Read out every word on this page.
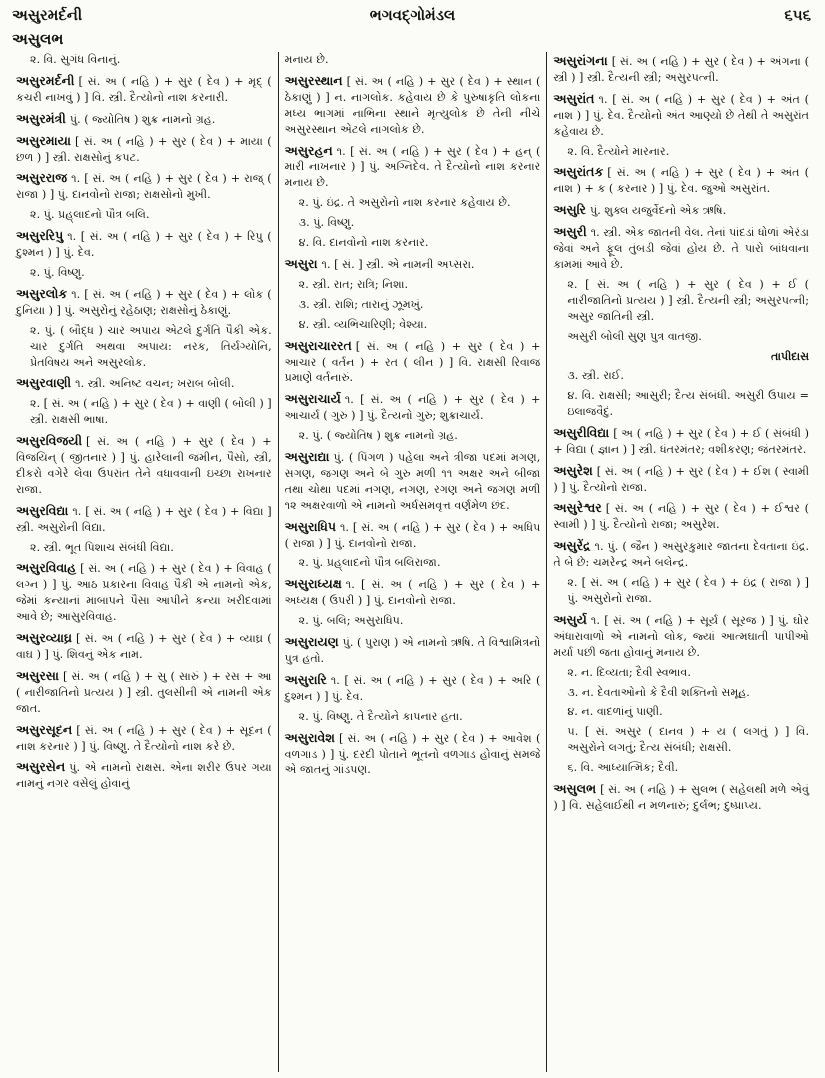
અસુરમર્દની	ભગવદ્‌ગોમંડલ	૬૫૬
અસુલભ

૨. વિ. સુગંધ વિનાનું.

અસુરમર્દની [ સં. અ ( નહિ ) + સુર ( દેવ ) + મૃદ્ ( કચરી નાખવું ) ] વિ. સ્ત્રી. દૈત્યોનો નાશ કરનારી.

અસુરમંત્રી પું. ( જ્યોતિષ ) શુક્ર નામનો ગ્રહ.

અસુરમાયા [ સં. અ ( નહિ ) + સુર ( દેવ ) + માયા ( છળ ) ] સ્ત્રી. રાક્ષસોનું કપટ.

અસુરરાજ ૧. [ સં. અ ( નહિ ) + સુર ( દેવ ) + રાજ્ ( રાજા ) ] પું. દાનવોનો રાજા; રાક્ષસોનો મુખી.

૨. પું. પ્રહ્‌લાદનો પૌત્ર બલિ.

અસુરરિપુ ૧. [ સં. અ ( નહિ ) + સુર ( દેવ ) + રિપુ ( દુશ્મન ) ] પું. દેવ.

૨. પું. વિષ્ણુ.

અસુરલોક ૧. [ સં. અ ( નહિ ) + સુર ( દેવ ) + લોક ( દુનિયા ) ] પું. અસુરોનું રહેઠાણ; રાક્ષસોનું ઠેકાણું.

૨. પું. ( બૌદ્ધ ) ચાર અપાય એટલે દુર્ગતિ પૈકી એક. ચાર દુર્ગતિ અથવા અપાય: નરક, તિર્યગ્યોનિ, પ્રેતવિષય અને અસુરલોક.

અસુરવાણી ૧. સ્ત્રી. અનિષ્ટ વચન; ખરાબ બોલી.

૨. [ સં. અ ( નહિ ) + સુર ( દેવ ) + વાણી ( બોલી ) ] સ્ત્રી. રાક્ષસી ભાષા.

અસુરવિજયી [ સં. અ ( નહિ ) + સુર ( દેવ ) + વિજયિન્ ( જીતનાર ) ] પું. હારેલાની જમીન, પૈસો, સ્ત્રી, દીકરો વગેરે લેવા ઉપરાંત તેને વધાવવાની ઇચ્છા રાખનાર રાજા.

અસુરવિદ્યા ૧. [ સં. અ ( નહિ ) + સુર ( દેવ ) + વિદ્યા ] સ્ત્રી. અસુરોની વિદ્યા.

૨. સ્ત્રી. ભૂત પિશાચ સંબંધી વિદ્યા.

અસુરવિવાહ [ સં. અ ( નહિ ) + સુર ( દેવ ) + વિવાહ ( લગ્ન ) ] પું. આઠ પ્રકારના વિવાહ પૈકી એ નામનો એક, જેમાં કન્યાનાં માબાપને પૈસા આપીને કન્યા ખરીદવામાં આવે છે; આસુરવિવાહ.

અસુરવ્યાઘ્ર [ સં. અ ( નહિ ) + સુર ( દેવ ) + વ્યાઘ્ર ( વાઘ ) ] પું. શિવનું એક નામ.

અસુરસા [ સં. અ ( નહિ ) + સુ ( સારું ) + રસ + આ ( નારીજાતિનો પ્રત્યય ) ] સ્ત્રી. તુલસીની એ નામની એક જાત.

અસુરસૂદન [ સં. અ ( નહિ ) + સુર ( દેવ ) + સૂદન ( નાશ કરનાર ) ] પું. વિષ્ણુ. તે દૈત્યોનો નાશ કરે છે.

અસુરસેન પું. એ નામનો રાક્ષસ. એના શરીર ઉપર ગયા નામનું નગર વસેલું હોવાનું

મનાય છે.

અસુરસ્થાન [ સં. અ ( નહિ ) + સુર ( દેવ ) + સ્થાન ( ઠેકાણું ) ] ન. નાગલોક. કહેવાય છે કે પુરુષાકૃતિ લોકના મધ્ય ભાગમાં નાભિના સ્થાને મૃત્યુલોક છે તેની નીચે અસુરસ્થાન એટલે નાગલોક છે.

અસુરહન ૧. [ સં. અ ( નહિ ) + સુર ( દેવ ) + હન્ ( મારી નાખનાર ) ] પું. અગ્નિદેવ. તે દૈત્યોનો નાશ કરનાર મનાય છે.

૨. પું. ઇંદ્ર. તે અસુરોનો નાશ કરનાર કહેવાય છે.

૩. પું. વિષ્ણુ.

૪. વિ. દાનવોનો નાશ કરનાર.

અસુરા ૧. [ સં. ] સ્ત્રી. એ નામની અપ્સરા.

૨. સ્ત્રી. રાત; રાત્રિ; નિશા.

૩. સ્ત્રી. રાશિ; તારાનું ઝૂમખું.

૪. સ્ત્રી. વ્યભિચારિણી; વેશ્યા.

અસુરાચારરત [ સં. અ ( નહિ ) + સુર ( દેવ ) + આચાર ( વર્તન ) + રત ( લીન ) ] વિ. રાક્ષસી રિવાજ પ્રમાણે વર્તનારું.

અસુરાચાર્ય ૧. [ સં. અ ( નહિ ) + સુર ( દેવ ) + આચાર્ય ( ગુરુ ) ] પું. દૈત્યનો ગુરુ; શુક્રાચાર્ય.

૨. પું. ( જ્યોતિષ ) શુક્ર નામનો ગ્રહ.

અસુરાદ્યા પું. ( પિંગળ ) પહેલા અને ત્રીજા પદમાં મગણ, સગણ, જગણ અને બે ગુરુ મળી ૧૧ અક્ષર અને બીજા તથા ચોથા પદમાં નગણ, નગણ, રગણ અને જગણ મળી ૧૨ અક્ષરવાળો એ નામનો અર્ધસમવૃત્ત વર્ણમેળ છંદ.

અસુરાધિપ ૧. [ સં. અ ( નહિ ) + સુર ( દેવ ) + અધિપ ( રાજા ) ] પું. દાનવોનો રાજા.

૨. પું. પ્રહ્‌લાદનો પૌત્ર બલિરાજા.

અસુરાધ્યક્ષ ૧. [ સં. અ ( નહિ ) + સુર ( દેવ ) + અધ્યક્ષ ( ઉપરી ) ] પું. દાનવોનો રાજા.

૨. પું. બલિ; અસુરાધિપ.

અસુરાયણ પું. ( પુરાણ ) એ નામનો ઋષિ. તે વિશ્વામિત્રનો પુત્ર હતો.

અસુરારિ ૧. [ સં. અ ( નહિ ) + સુર ( દેવ ) + અરિ ( દુશ્મન ) ] પું. દેવ.

૨. પું. વિષ્ણુ. તે દૈત્યોને કાપનાર હતા.

અસુરાવેશ [ સં. અ ( નહિ ) + સુર ( દેવ ) + આવેશ ( વળગાડ ) ] પું. દરદી પોતાને ભૂતનો વળગાડ હોવાનું સમજે એ જાતનું ગાંડપણ.

અસુરાંગના [ સં. અ ( નહિ ) + સુર ( દેવ ) + અંગના ( સ્ત્રી ) ] સ્ત્રી. દૈત્યની સ્ત્રી; અસુરપત્ની.

અસુરાંત ૧. [ સં. અ ( નહિ ) + સુર ( દેવ ) + અંત ( નાશ ) ] પું. દેવ. દૈત્યોનો અંત આણ્યો છે તેથી તે અસુરાંત કહેવાય છે.

૨. વિ. દૈત્યોને મારનાર.

અસુરાંતક [ સં. અ ( નહિ ) + સુર ( દેવ ) + અંત ( નાશ ) + ક ( કરનાર ) ] પું. દેવ. જુઓ અસુરાંત.

અસુરિ પું. શુક્લ યજુર્વેદનો એક ઋષિ.

અસુરી ૧. સ્ત્રી. એક જાતની વેલ. તેનાં પાંદડાં ધોળાં એરંડા જેવાં અને ફૂલ તુંબડી જેવાં હોય છે. તે પારો બાંધવાના કામમાં આવે છે.

૨. [ સં. અ ( નહિ ) + સુર ( દેવ ) + ઈ ( નારીજાતિનો પ્રત્યય ) ] સ્ત્રી. દૈત્યની સ્ત્રી; અસુરપત્ની; અસુર જાતિની સ્ત્રી.

અસુરી બોલી સુણ પુત્ર વાતજી.

તાપીદાસ

૩. સ્ત્રી. રાઈ.

૪. વિ. રાક્ષસી; આસુરી; દૈત્ય સંબંધી. અસુરી ઉપાય = ઇલાજવૈદું.

અસુરીવિદ્યા [ અ ( નહિ ) + સુર ( દેવ ) + ઈ ( સંબંધી ) + વિદ્યા ( જ્ઞાન ) ] સ્ત્રી. ધંતરમંતર; વશીકરણ; જંતરમંતર.

અસુરેશ [ સં. અ ( નહિ ) + સુર ( દેવ ) + ઈશ ( સ્વામી ) ] પું. દૈત્યોનો રાજા.

અસુરેશ્વર [ સં. અ ( નહિ ) + સુર ( દેવ ) + ઈશ્વર ( સ્વામી ) ] પું. દૈત્યોનો રાજા; અસુરેશ.

અસુરેંદ્ર ૧. પું. ( જૈન ) અસુરકુમાર જાતના દેવતાના ઇંદ્ર. તે બે છે: ચમરેન્દ્ર અને બલેન્દ્ર.

૨. [ સં. અ ( નહિ ) + સુર ( દેવ ) + ઇંદ્ર ( રાજા ) ] પું. અસુરોનો રાજા.

અસુર્ય ૧. [ સં. અ ( નહિ ) + સૂર્ય ( સૂરજ ) ] પું. ઘોર અંધારાવાળો એ નામનો લોક, જ્યાં આત્મઘાતી પાપીઓ મર્યા પછી જતા હોવાનું મનાય છે.

૨. ન. દિવ્યતા; દૈવી સ્વભાવ.

૩. ન. દેવતાઓનો કે દૈવી શક્તિનો સમૂહ.

૪. ન. વાદળાંનું પાણી.

૫. [ સં. અસુર ( દાનવ ) + ય ( લગતું ) ] વિ. અસુરોને લગતું; દૈત્ય સંબંધી; રાક્ષસી.

૬. વિ. આધ્યાત્મિક; દૈવી.

અસુલભ [ સં. અ ( નહિ ) + સુલભ ( સહેલથી મળે એવું ) ] વિ. સહેલાઈથી ન મળનારું; દુર્લભ; દુષ્પ્રાપ્ય.
